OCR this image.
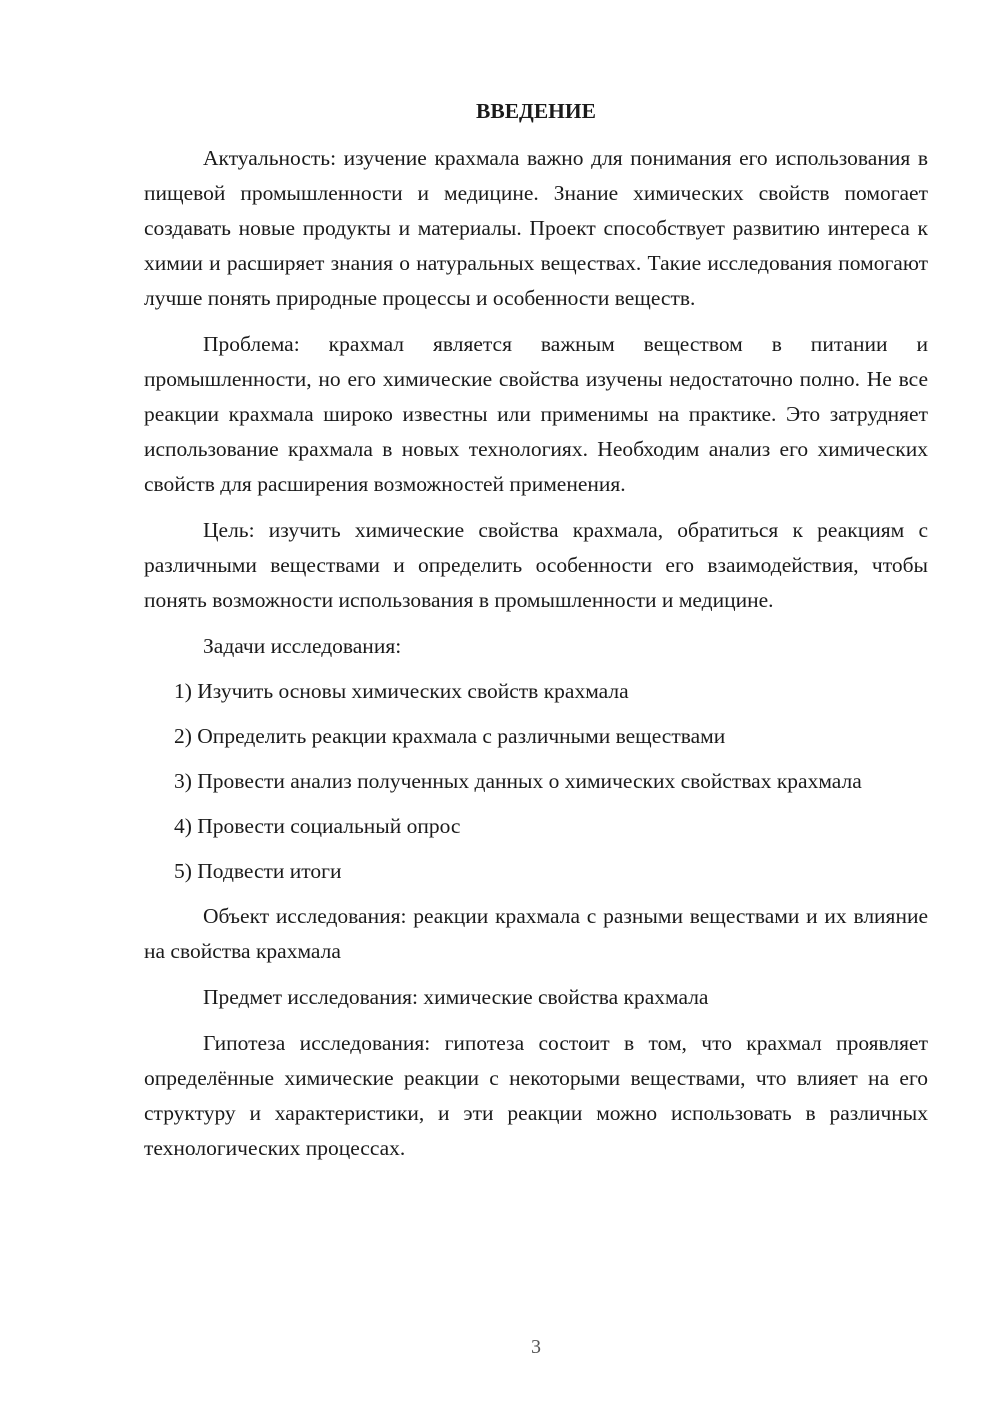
ВВЕДЕНИЕ

Актуальность: изучение крахмала важно для понимания его использования в пищевой промышленности и медицине. Знание химических свойств помогает создавать новые продукты и материалы. Проект способствует развитию интереса к химии и расширяет знания о натуральных веществах. Такие исследования помогают лучше понять природные процессы и особенности веществ.

Проблема: крахмал является важным веществом в питании и промышленности, но его химические свойства изучены недостаточно полно. Не все реакции крахмала широко известны или применимы на практике. Это затрудняет использование крахмала в новых технологиях. Необходим анализ его химических свойств для расширения возможностей применения.

Цель: изучить химические свойства крахмала, обратиться к реакциям с различными веществами и определить особенности его взаимодействия, чтобы понять возможности использования в промышленности и медицине.

Задачи исследования:

1) Изучить основы химических свойств крахмала

2) Определить реакции крахмала с различными веществами

3) Провести анализ полученных данных о химических свойствах крахмала

4) Провести социальный опрос

5) Подвести итоги

Объект исследования: реакции крахмала с разными веществами и их влияние на свойства крахмала

Предмет исследования: химические свойства крахмала

Гипотеза исследования: гипотеза состоит в том, что крахмал проявляет определённые химические реакции с некоторыми веществами, что влияет на его структуру и характеристики, и эти реакции можно использовать в различных технологических процессах.

3
